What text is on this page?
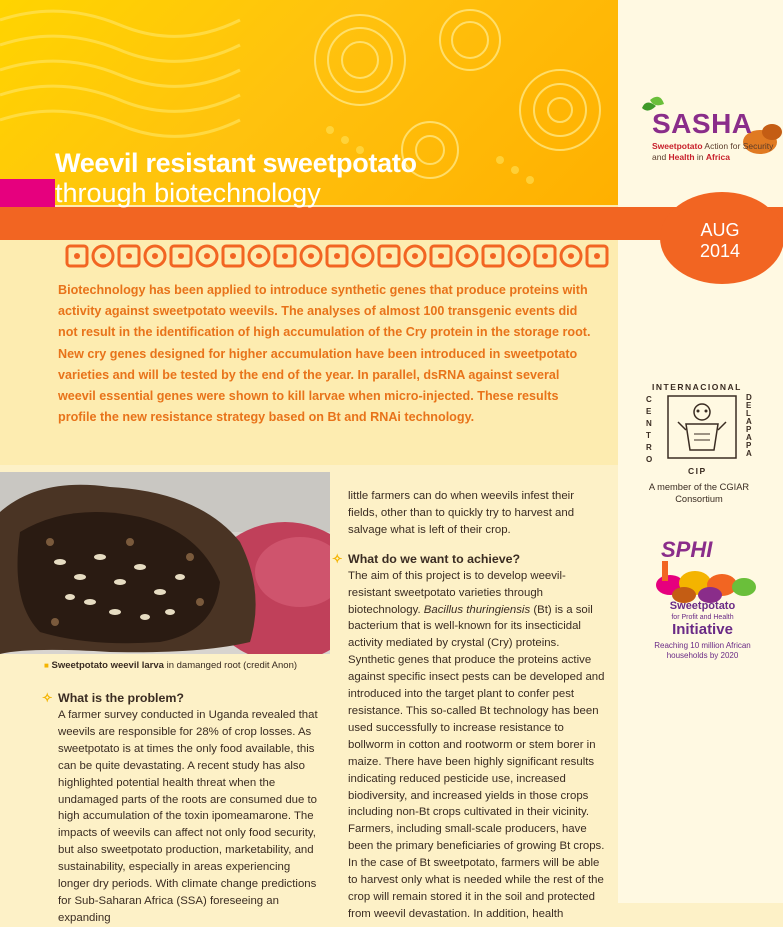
Weevil resistant sweetpotato
through biotechnology
AUG
2014
Biotechnology has been applied to introduce synthetic genes that produce proteins with activity against sweetpotato weevils. The analyses of almost 100 transgenic events did not result in the identification of high accumulation of the Cry protein in the storage root. New cry genes designed for higher accumulation have been introduced in sweetpotato varieties and will be tested by the end of the year. In parallel, dsRNA against several weevil essential genes were shown to kill larvae when micro-injected. These results profile the new resistance strategy based on Bt and RNAi technology.
■ Sweetpotato weevil larva in damanged root (credit Anon)
✧ What is the problem?
A farmer survey conducted in Uganda revealed that weevils are responsible for 28% of crop losses. As sweetpotato is at times the only food available, this can be quite devastating. A recent study has also highlighted potential health threat when the undamaged parts of the roots are consumed due to high accumulation of the toxin ipomeamarone. The impacts of weevils can affect not only food security, but also sweetpotato production, marketability, and sustainability, especially in areas experiencing longer dry periods. With climate change predictions for Sub-Saharan Africa (SSA) foreseeing an expanding
little farmers can do when weevils infest their fields, other than to quickly try to harvest and salvage what is left of their crop.
✧ What do we want to achieve?
The aim of this project is to develop weevil-resistant sweetpotato varieties through biotechnology. Bacillus thuringiensis (Bt) is a soil bacterium that is well-known for its insecticidal activity mediated by crystal (Cry) proteins. Synthetic genes that produce the proteins active against specific insect pests can be developed and introduced into the target plant to confer pest resistance. This so-called Bt technology has been used successfully to increase resistance to bollworm in cotton and rootworm or stem borer in maize. There have been highly significant results indicating reduced pesticide use, increased biodiversity, and increased yields in those crops including non-Bt crops cultivated in their vicinity. Farmers, including small-scale producers, have been the primary beneficiaries of growing Bt crops. In the case of Bt sweetpotato, farmers will be able to harvest only what is needed while the rest of the crop will remain stored it in the soil and protected from weevil devastation. In addition, health
SASHA
Sweetpotato Action for Security and Health in Africa
INTERNACIONAL
CENTRO
DE LA PAPA
CIP
A member of the CGIAR Consortium
SPHI
Sweetpotato
for Profit and Health
Initiative
Reaching 10 million African households by 2020
